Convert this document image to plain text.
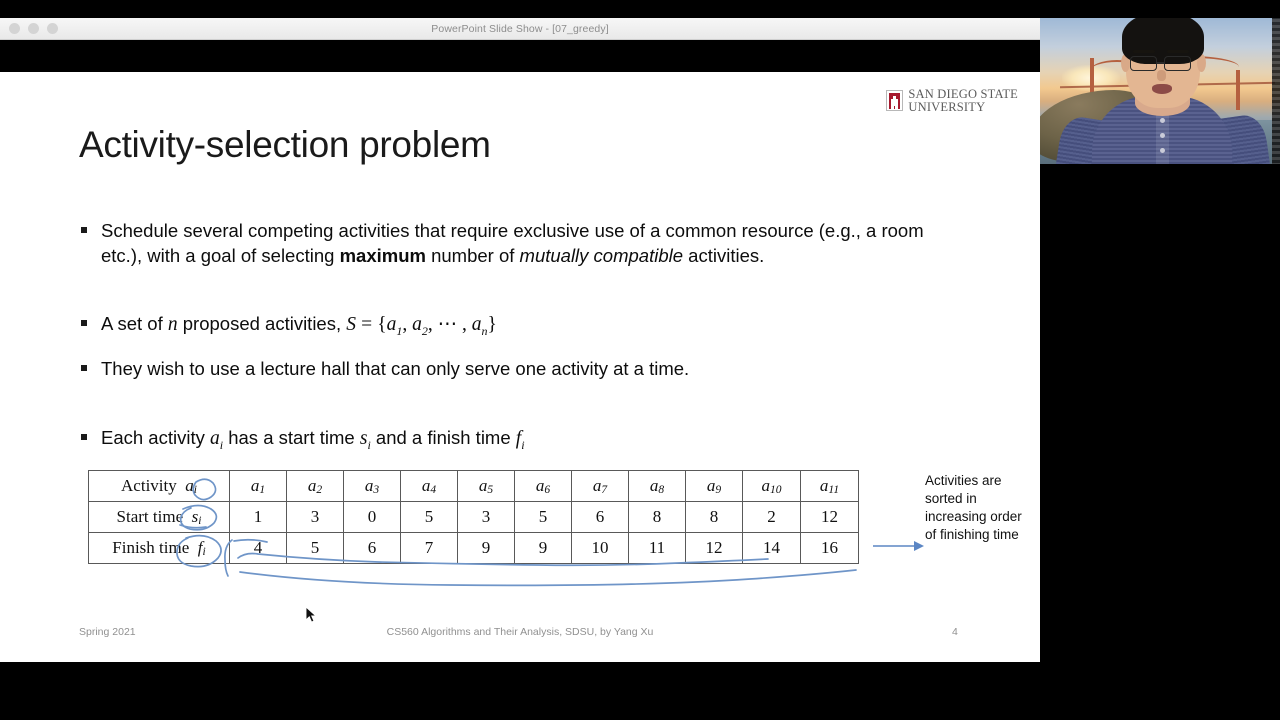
PowerPoint Slide Show - [07_greedy]
SAN DIEGO STATE
UNIVERSITY
Activity-selection problem
Schedule several competing activities that require exclusive use of a common resource (e.g., a room etc.), with a goal of selecting maximum number of mutually compatible activities.
A set of n proposed activities, $S = \{a_1$, $a_2$, ⋯ , $a_n$}
They wish to use a lecture hall that can only serve one activity at a time.
Each activity $a_i$ has a start time $s_i$ and a finish time $f_i$
Activity  ai	a1	a2	a3	a4	a5	a6	a7	a8	a9	a10	a11
Start time  si	1	3	0	5	3	5	6	8	8	2	12
Finish time  fi	4	5	6	7	9	9	10	11	12	14	16
Activities are sorted in increasing order of finishing time
Spring 2021	CS560 Algorithms and Their Analysis, SDSU, by Yang Xu	4
